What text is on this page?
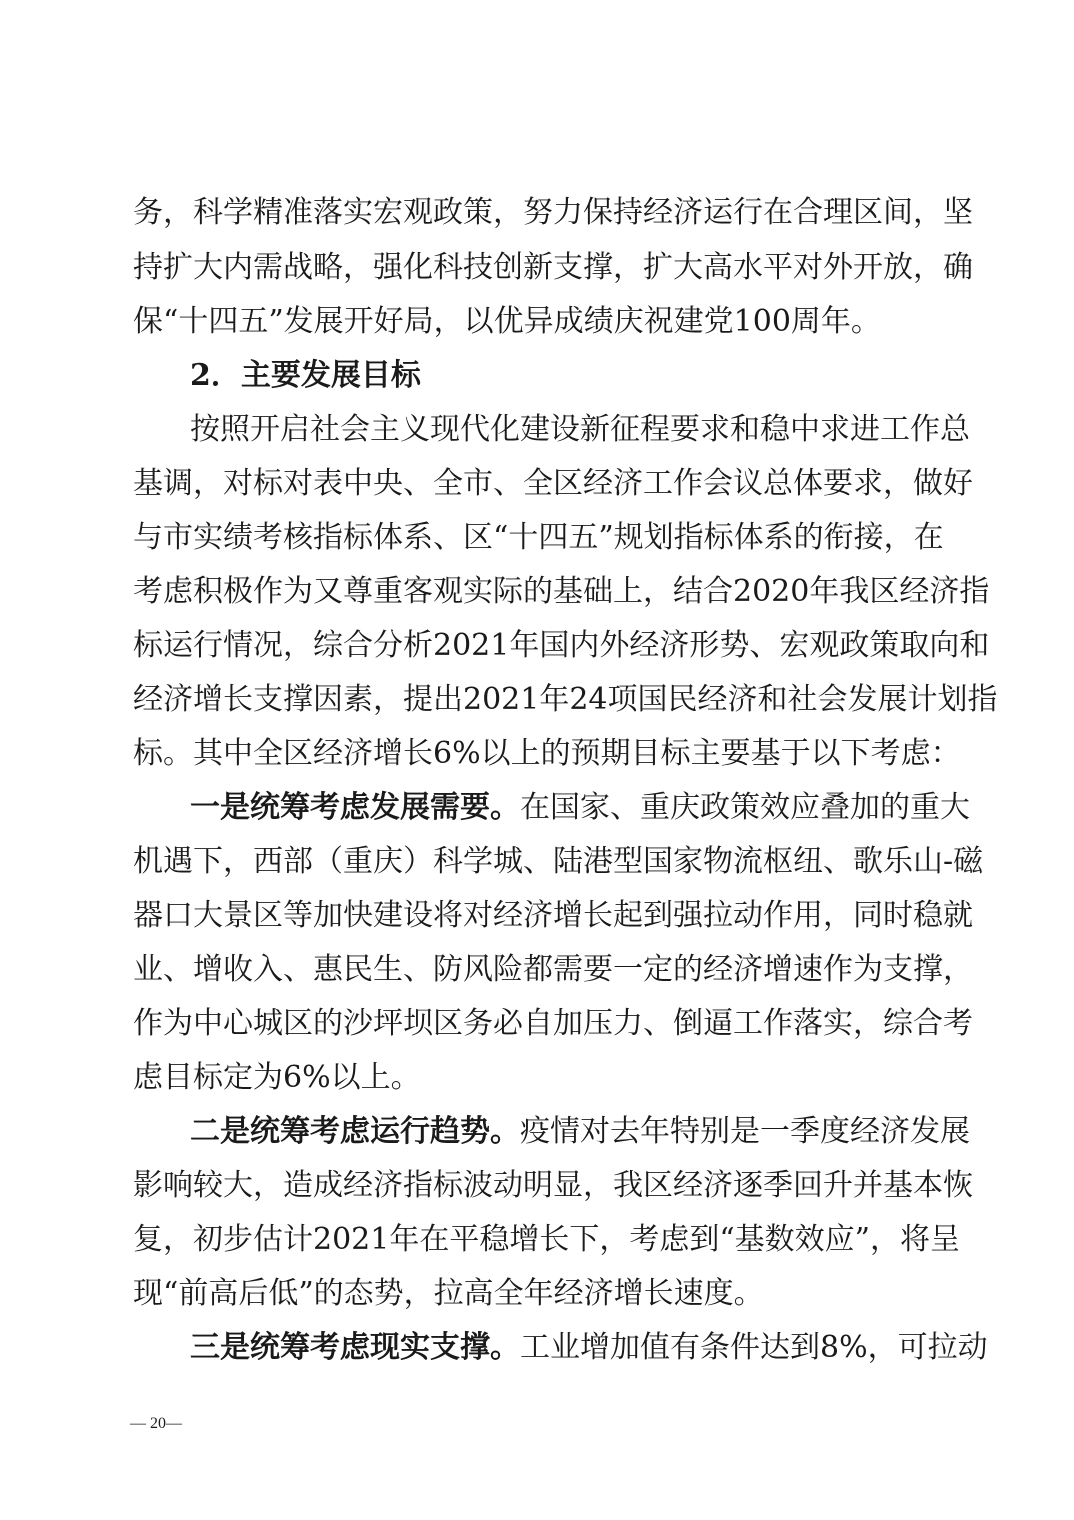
务，科学精准落实宏观政策，努力保持经济运行在合理区间，坚
持扩大内需战略，强化科技创新支撑，扩大高水平对外开放，确
保“十四五”发展开好局，以优异成绩庆祝建党100周年。
2．主要发展目标
按照开启社会主义现代化建设新征程要求和稳中求进工作总
基调，对标对表中央、全市、全区经济工作会议总体要求，做好
与市实绩考核指标体系、区“十四五”规划指标体系的衔接，在
考虑积极作为又尊重客观实际的基础上，结合2020年我区经济指
标运行情况，综合分析2021年国内外经济形势、宏观政策取向和
经济增长支撑因素，提出2021年24项国民经济和社会发展计划指
标。其中全区经济增长6%以上的预期目标主要基于以下考虑：
一是统筹考虑发展需要。在国家、重庆政策效应叠加的重大
机遇下，西部（重庆）科学城、陆港型国家物流枢纽、歌乐山-磁
器口大景区等加快建设将对经济增长起到强拉动作用，同时稳就
业、增收入、惠民生、防风险都需要一定的经济增速作为支撑，
作为中心城区的沙坪坝区务必自加压力、倒逼工作落实，综合考
虑目标定为6%以上。
二是统筹考虑运行趋势。疫情对去年特别是一季度经济发展
影响较大，造成经济指标波动明显，我区经济逐季回升并基本恢
复，初步估计2021年在平稳增长下，考虑到“基数效应”，将呈
现“前高后低”的态势，拉高全年经济增长速度。
三是统筹考虑现实支撑。工业增加值有条件达到8%，可拉动
— 20—
